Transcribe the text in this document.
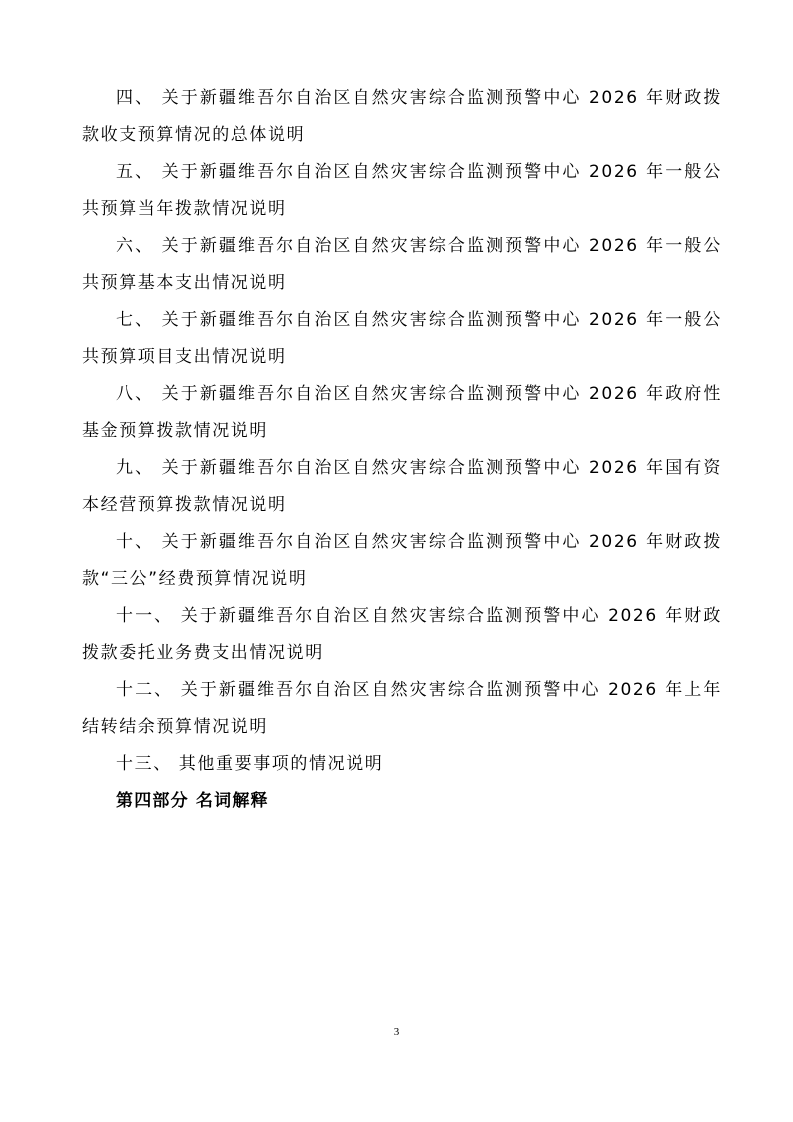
四、 关于新疆维吾尔自治区自然灾害综合监测预警中心 2026 年财政拨款收支预算情况的总体说明

五、 关于新疆维吾尔自治区自然灾害综合监测预警中心 2026 年一般公共预算当年拨款情况说明

六、 关于新疆维吾尔自治区自然灾害综合监测预警中心 2026 年一般公共预算基本支出情况说明

七、 关于新疆维吾尔自治区自然灾害综合监测预警中心 2026 年一般公共预算项目支出情况说明

八、 关于新疆维吾尔自治区自然灾害综合监测预警中心 2026 年政府性基金预算拨款情况说明

九、 关于新疆维吾尔自治区自然灾害综合监测预警中心 2026 年国有资本经营预算拨款情况说明

十、 关于新疆维吾尔自治区自然灾害综合监测预警中心 2026 年财政拨款“三公”经费预算情况说明

十一、 关于新疆维吾尔自治区自然灾害综合监测预警中心 2026 年财政拨款委托业务费支出情况说明

十二、 关于新疆维吾尔自治区自然灾害综合监测预警中心 2026 年上年结转结余预算情况说明

十三、 其他重要事项的情况说明

第四部分 名词解释

3
